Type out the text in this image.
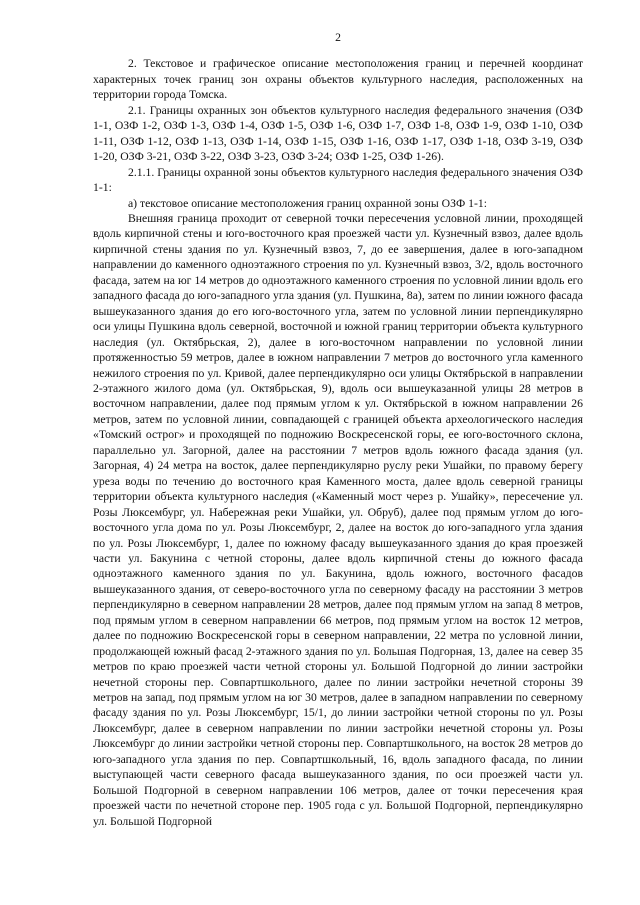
2

2. Текстовое и графическое описание местоположения границ и перечней координат характерных точек границ зон охраны объектов культурного наследия, расположенных на территории города Томска.

2.1. Границы охранных зон объектов культурного наследия федерального значения (ОЗФ 1-1, ОЗФ 1-2, ОЗФ 1-3, ОЗФ 1-4, ОЗФ 1-5, ОЗФ 1-6, ОЗФ 1-7, ОЗФ 1-8, ОЗФ 1-9, ОЗФ 1-10, ОЗФ 1-11, ОЗФ 1-12, ОЗФ 1-13, ОЗФ 1-14, ОЗФ 1-15, ОЗФ 1-16, ОЗФ 1-17, ОЗФ 1-18, ОЗФ 3-19, ОЗФ 1-20, ОЗФ 3-21, ОЗФ 3-22, ОЗФ 3-23, ОЗФ 3-24; ОЗФ 1-25, ОЗФ 1-26).

2.1.1. Границы охранной зоны объектов культурного наследия федерального значения ОЗФ 1-1:

а) текстовое описание местоположения границ охранной зоны ОЗФ 1-1:

Внешняя граница проходит от северной точки пересечения условной линии, проходящей вдоль кирпичной стены и юго-восточного края проезжей части ул. Кузнечный взвоз, далее вдоль кирпичной стены здания по ул. Кузнечный взвоз, 7, до ее завершения, далее в юго-западном направлении до каменного одноэтажного строения по ул. Кузнечный взвоз, 3/2, вдоль восточного фасада, затем на юг 14 метров до одноэтажного каменного строения по условной линии вдоль его западного фасада до юго-западного угла здания (ул. Пушкина, 8а), затем по линии южного фасада вышеуказанного здания до его юго-восточного угла, затем по условной линии перпендикулярно оси улицы Пушкина вдоль северной, восточной и южной границ территории объекта культурного наследия (ул. Октябрьская, 2), далее в юго-восточном направлении по условной линии протяженностью 59 метров, далее в южном направлении 7 метров до восточного угла каменного нежилого строения по ул. Кривой, далее перпендикулярно оси улицы Октябрьской в направлении 2-этажного жилого дома (ул. Октябрьская, 9), вдоль оси вышеуказанной улицы 28 метров в восточном направлении, далее под прямым углом к ул. Октябрьской в южном направлении 26 метров, затем по условной линии, совпадающей с границей объекта археологического наследия «Томский острог» и проходящей по подножию Воскресенской горы, ее юго-восточного склона, параллельно ул. Загорной, далее на расстоянии 7 метров вдоль южного фасада здания (ул. Загорная, 4) 24 метра на восток, далее перпендикулярно руслу реки Ушайки, по правому берегу уреза воды по течению до восточного края Каменного моста, далее вдоль северной границы территории объекта культурного наследия («Каменный мост через р. Ушайку», пересечение ул. Розы Люксембург, ул. Набережная реки Ушайки, ул. Обруб), далее под прямым углом до юго-восточного угла дома по ул. Розы Люксембург, 2, далее на восток до юго-западного угла здания по ул. Розы Люксембург, 1, далее по южному фасаду вышеуказанного здания до края проезжей части ул. Бакунина с четной стороны, далее вдоль кирпичной стены до южного фасада одноэтажного каменного здания по ул. Бакунина, вдоль южного, восточного фасадов вышеуказанного здания, от северо-восточного угла по северному фасаду на расстоянии 3 метров перпендикулярно в северном направлении 28 метров, далее под прямым углом на запад 8 метров, под прямым углом в северном направлении 66 метров, под прямым углом на восток 12 метров, далее по подножию Воскресенской горы в северном направлении, 22 метра по условной линии, продолжающей южный фасад 2-этажного здания по ул. Большая Подгорная, 13, далее на север 35 метров по краю проезжей части четной стороны ул. Большой Подгорной до линии застройки нечетной стороны пер. Совпартшкольного, далее по линии застройки нечетной стороны 39 метров на запад, под прямым углом на юг 30 метров, далее в западном направлении по северному фасаду здания по ул. Розы Люксембург, 15/1, до линии застройки четной стороны по ул. Розы Люксембург, далее в северном направлении по линии застройки нечетной стороны ул. Розы Люксембург до линии застройки четной стороны пер. Совпартшкольного, на восток 28 метров до юго-западного угла здания по пер. Совпартшкольный, 16, вдоль западного фасада, по линии выступающей части северного фасада вышеуказанного здания, по оси проезжей части ул. Большой Подгорной в северном направлении 106 метров, далее от точки пересечения края проезжей части по нечетной стороне пер. 1905 года с ул. Большой Подгорной, перпендикулярно ул. Большой Подгорной
